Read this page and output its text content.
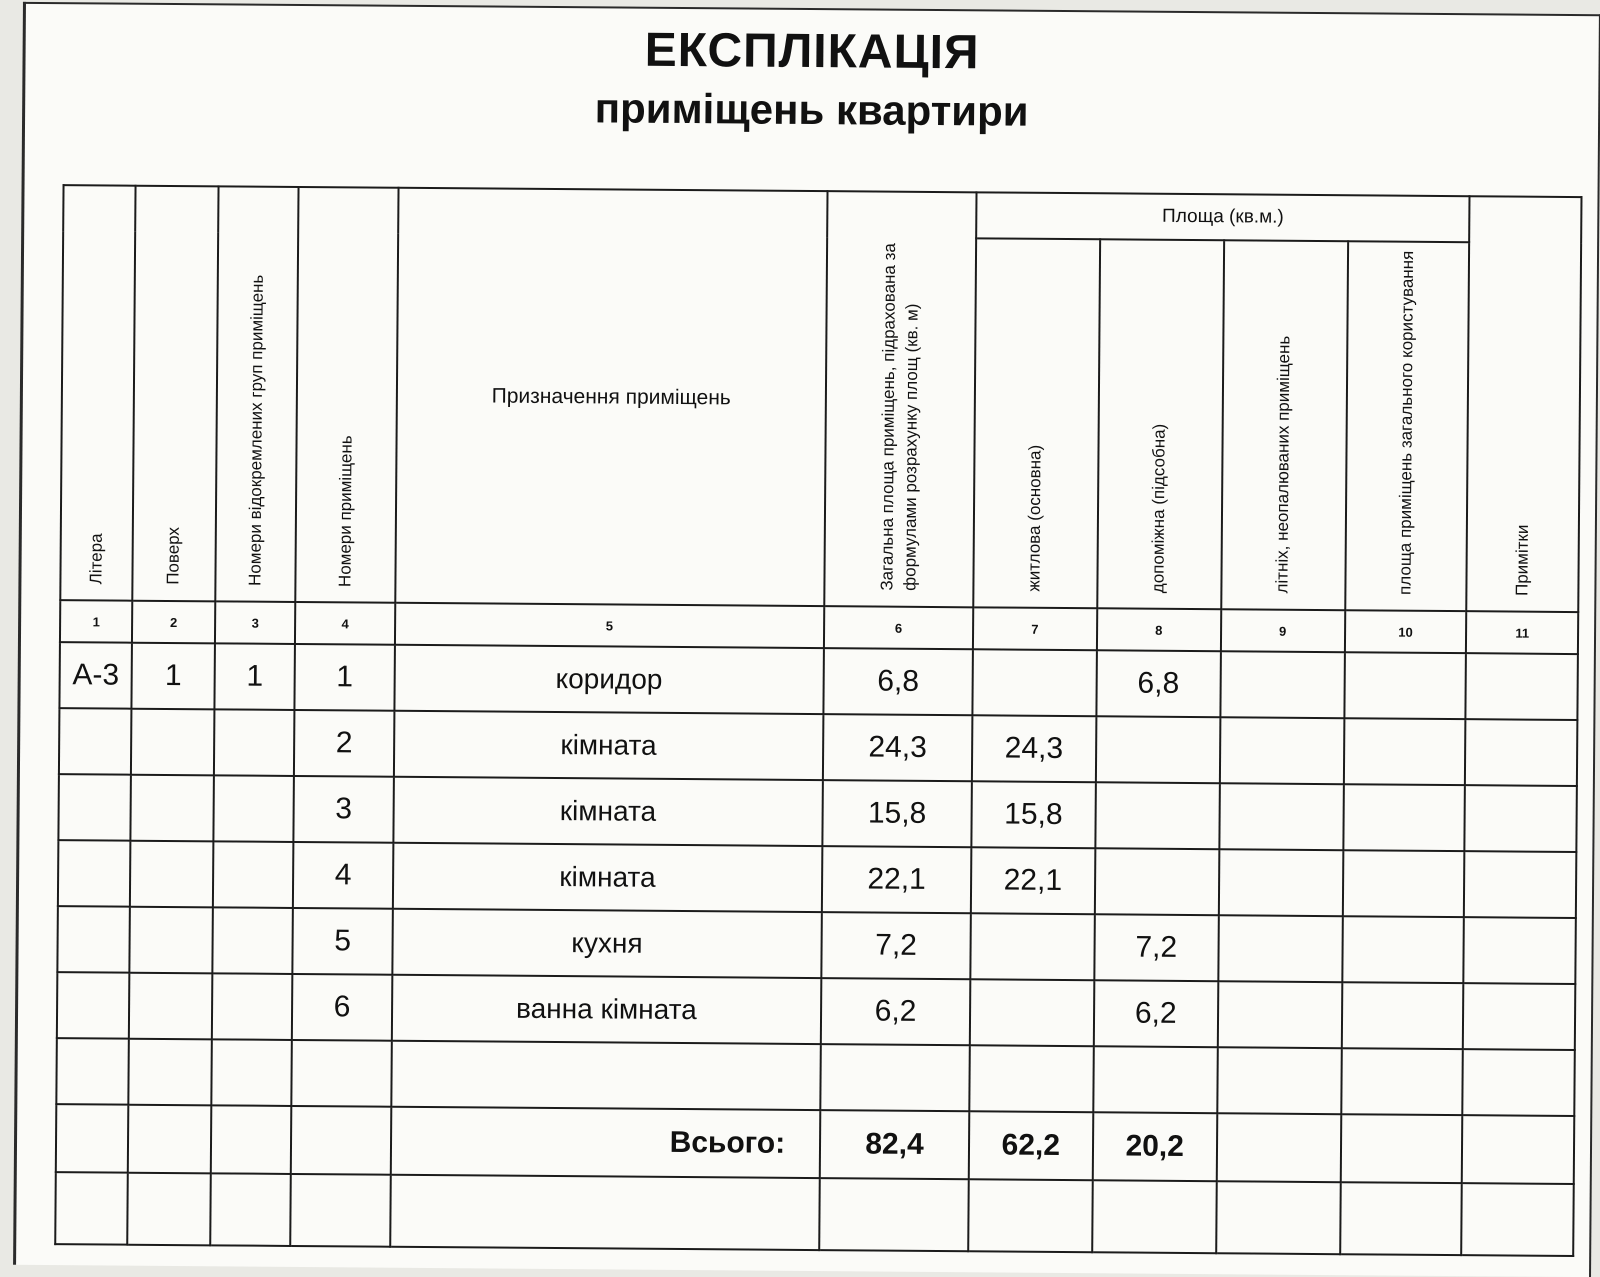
ЕКСПЛІКАЦІЯ
приміщень квартири
Літера	Поверх	Номери відокремлених груп приміщень	Номери приміщень	Призначення приміщень	Загальна площа приміщень, підрахована за формулами розрахунку площ (кв. м)	Площа (кв.м.)				Примітки
						житлова (основна)	допоміжна (підсобна)	літніх, неопалюваних приміщень	площа приміщень загального користування	
1	2	3	4	5	6	7	8	9	10	11
А-3	1	1	1	коридор	6,8		6,8			
			2	кімната	24,3	24,3				
			3	кімната	15,8	15,8				
			4	кімната	22,1	22,1				
			5	кухня	7,2		7,2			
			6	ванна кімната	6,2		6,2			

				Всього:	82,4	62,2	20,2			
